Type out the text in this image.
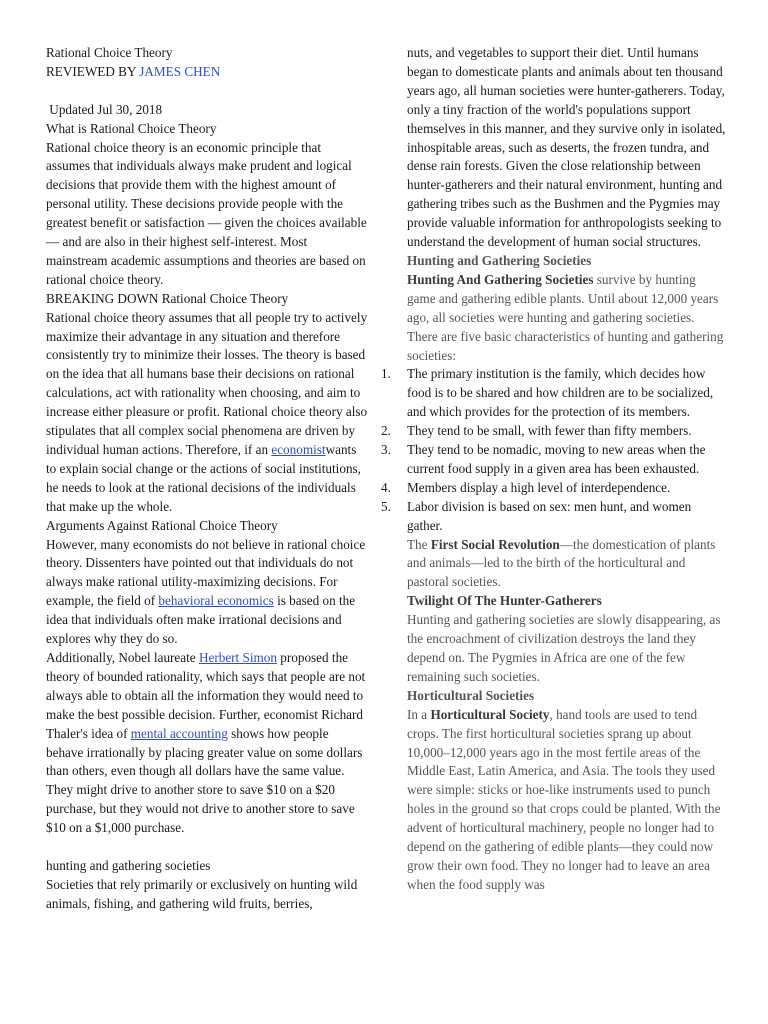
Rational Choice Theory

REVIEWED BY JAMES CHEN

Updated Jul 30, 2018

What is Rational Choice Theory

Rational choice theory is an economic principle that assumes that individuals always make prudent and logical decisions that provide them with the highest amount of personal utility. These decisions provide people with the greatest benefit or satisfaction — given the choices available — and are also in their highest self-interest. Most mainstream academic assumptions and theories are based on rational choice theory.

BREAKING DOWN Rational Choice Theory

Rational choice theory assumes that all people try to actively maximize their advantage in any situation and therefore consistently try to minimize their losses. The theory is based on the idea that all humans base their decisions on rational calculations, act with rationality when choosing, and aim to increase either pleasure or profit. Rational choice theory also stipulates that all complex social phenomena are driven by individual human actions. Therefore, if an economistwants to explain social change or the actions of social institutions, he needs to look at the rational decisions of the individuals that make up the whole.

Arguments Against Rational Choice Theory

However, many economists do not believe in rational choice theory. Dissenters have pointed out that individuals do not always make rational utility-maximizing decisions. For example, the field of behavioral economics is based on the idea that individuals often make irrational decisions and explores why they do so.

Additionally, Nobel laureate Herbert Simon proposed the theory of bounded rationality, which says that people are not always able to obtain all the information they would need to make the best possible decision. Further, economist Richard Thaler's idea of mental accounting shows how people behave irrationally by placing greater value on some dollars than others, even though all dollars have the same value. They might drive to another store to save $10 on a $20 purchase, but they would not drive to another store to save $10 on a $1,000 purchase.

hunting and gathering societies

Societies that rely primarily or exclusively on hunting wild animals, fishing, and gathering wild fruits, berries,

nuts, and vegetables to support their diet. Until humans began to domesticate plants and animals about ten thousand years ago, all human societies were hunter-gatherers. Today, only a tiny fraction of the world's populations support themselves in this manner, and they survive only in isolated, inhospitable areas, such as deserts, the frozen tundra, and dense rain forests. Given the close relationship between hunter-gatherers and their natural environment, hunting and gathering tribes such as the Bushmen and the Pygmies may provide valuable information for anthropologists seeking to understand the development of human social structures.

Hunting and Gathering Societies

Hunting And Gathering Societies survive by hunting game and gathering edible plants. Until about 12,000 years ago, all societies were hunting and gathering societies.

There are five basic characteristics of hunting and gathering societies:

1.	The primary institution is the family, which decides how food is to be shared and how children are to be socialized, and which provides for the protection of its members.
2.	They tend to be small, with fewer than fifty members.
3.	They tend to be nomadic, moving to new areas when the current food supply in a given area has been exhausted.
4.	Members display a high level of interdependence.
5.	Labor division is based on sex: men hunt, and women gather.

The First Social Revolution—the domestication of plants and animals—led to the birth of the horticultural and pastoral societies.

Twilight Of The Hunter-Gatherers

Hunting and gathering societies are slowly disappearing, as the encroachment of civilization destroys the land they depend on. The Pygmies in Africa are one of the few remaining such societies.

Horticultural Societies

In a Horticultural Society, hand tools are used to tend crops. The first horticultural societies sprang up about 10,000–12,000 years ago in the most fertile areas of the Middle East, Latin America, and Asia. The tools they used were simple: sticks or hoe-like instruments used to punch holes in the ground so that crops could be planted. With the advent of horticultural machinery, people no longer had to depend on the gathering of edible plants—they could now grow their own food. They no longer had to leave an area when the food supply was
